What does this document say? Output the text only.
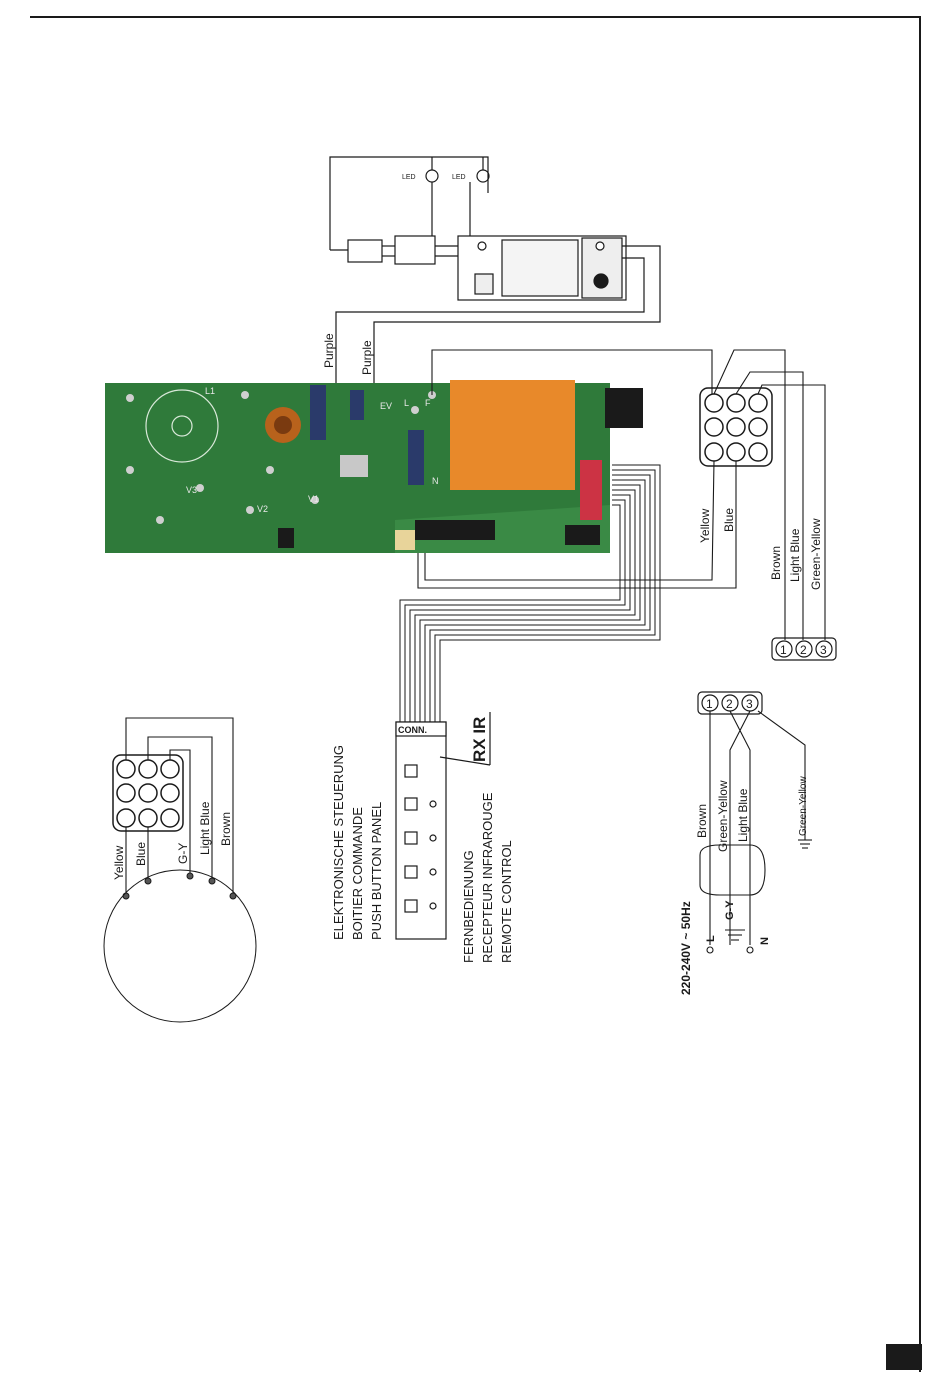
LED	LED
Purple Purple
L1
EV
V1
V2
V3
F
L
N
Yellow Blue
Brown Light Blue Green-Yellow
1 2 3
CONN.	RX IR
ELEKTRONISCHE STEUERUNG BOITIER COMMANDE PUSH BUTTON PANEL	FERNBEDIENUNG RECEPTEUR INFRAROUGE REMOTE CONTROL
Yellow Blue G-Y Light Blue Brown
1 2 3
Brown Green-Yellow Light Blue	Green-Yellow
220-240V ~ 50Hz L
G-Y
N
